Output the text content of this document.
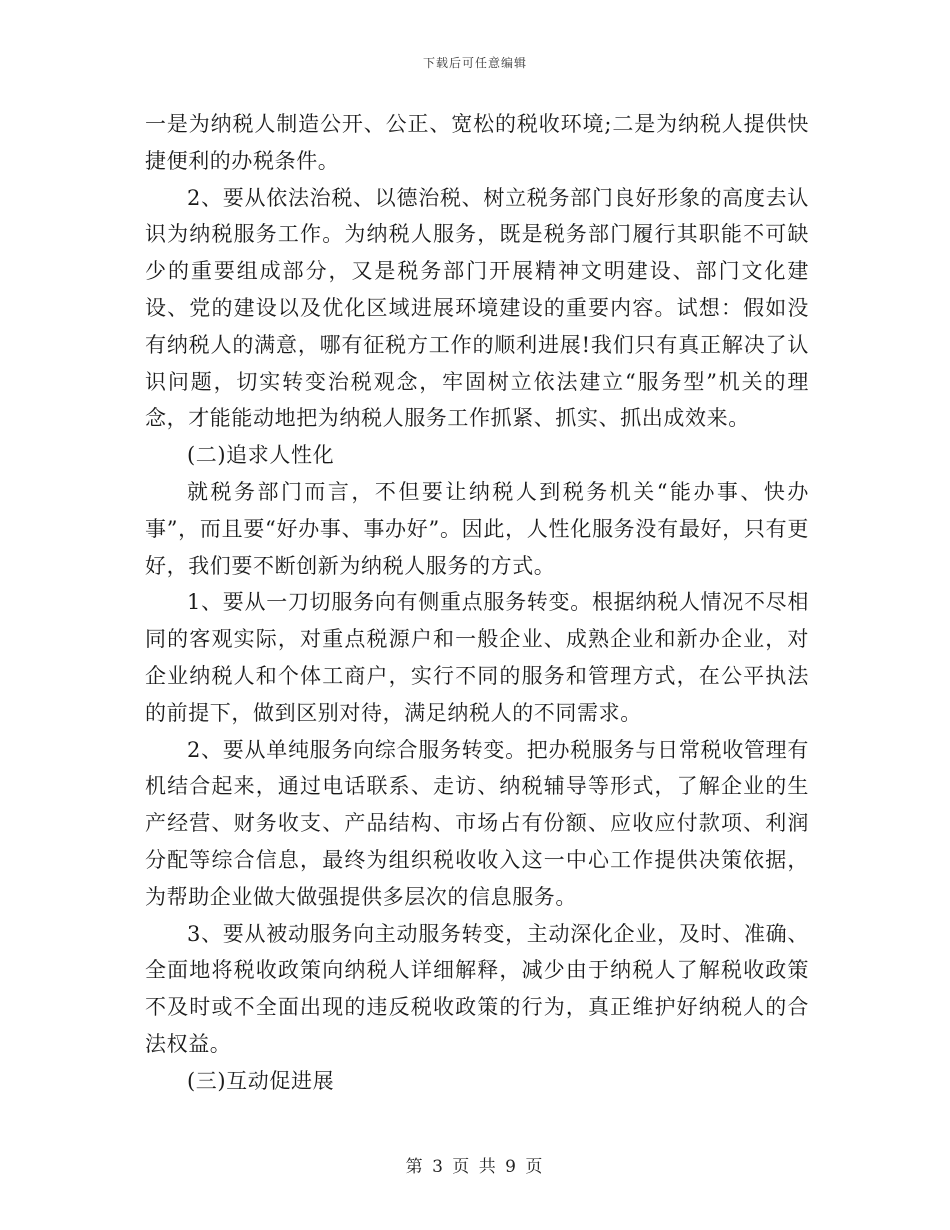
下载后可任意编辑

一是为纳税人制造公开、公正、宽松的税收环境;二是为纳税人提供快捷便利的办税条件。

2、要从依法治税、以德治税、树立税务部门良好形象的高度去认识为纳税服务工作。为纳税人服务，既是税务部门履行其职能不可缺少的重要组成部分，又是税务部门开展精神文明建设、部门文化建设、党的建设以及优化区域进展环境建设的重要内容。试想：假如没有纳税人的满意，哪有征税方工作的顺利进展!我们只有真正解决了认识问题，切实转变治税观念，牢固树立依法建立“服务型”机关的理念，才能能动地把为纳税人服务工作抓紧、抓实、抓出成效来。

(二)追求人性化

就税务部门而言，不但要让纳税人到税务机关“能办事、快办事”，而且要“好办事、事办好”。因此，人性化服务没有最好，只有更好，我们要不断创新为纳税人服务的方式。

1、要从一刀切服务向有侧重点服务转变。根据纳税人情况不尽相同的客观实际，对重点税源户和一般企业、成熟企业和新办企业，对企业纳税人和个体工商户，实行不同的服务和管理方式，在公平执法的前提下，做到区别对待，满足纳税人的不同需求。

2、要从单纯服务向综合服务转变。把办税服务与日常税收管理有机结合起来，通过电话联系、走访、纳税辅导等形式，了解企业的生产经营、财务收支、产品结构、市场占有份额、应收应付款项、利润分配等综合信息，最终为组织税收收入这一中心工作提供决策依据，为帮助企业做大做强提供多层次的信息服务。

3、要从被动服务向主动服务转变，主动深化企业，及时、准确、全面地将税收政策向纳税人详细解释，减少由于纳税人了解税收政策不及时或不全面出现的违反税收政策的行为，真正维护好纳税人的合法权益。

(三)互动促进展

第 3 页 共 9 页
